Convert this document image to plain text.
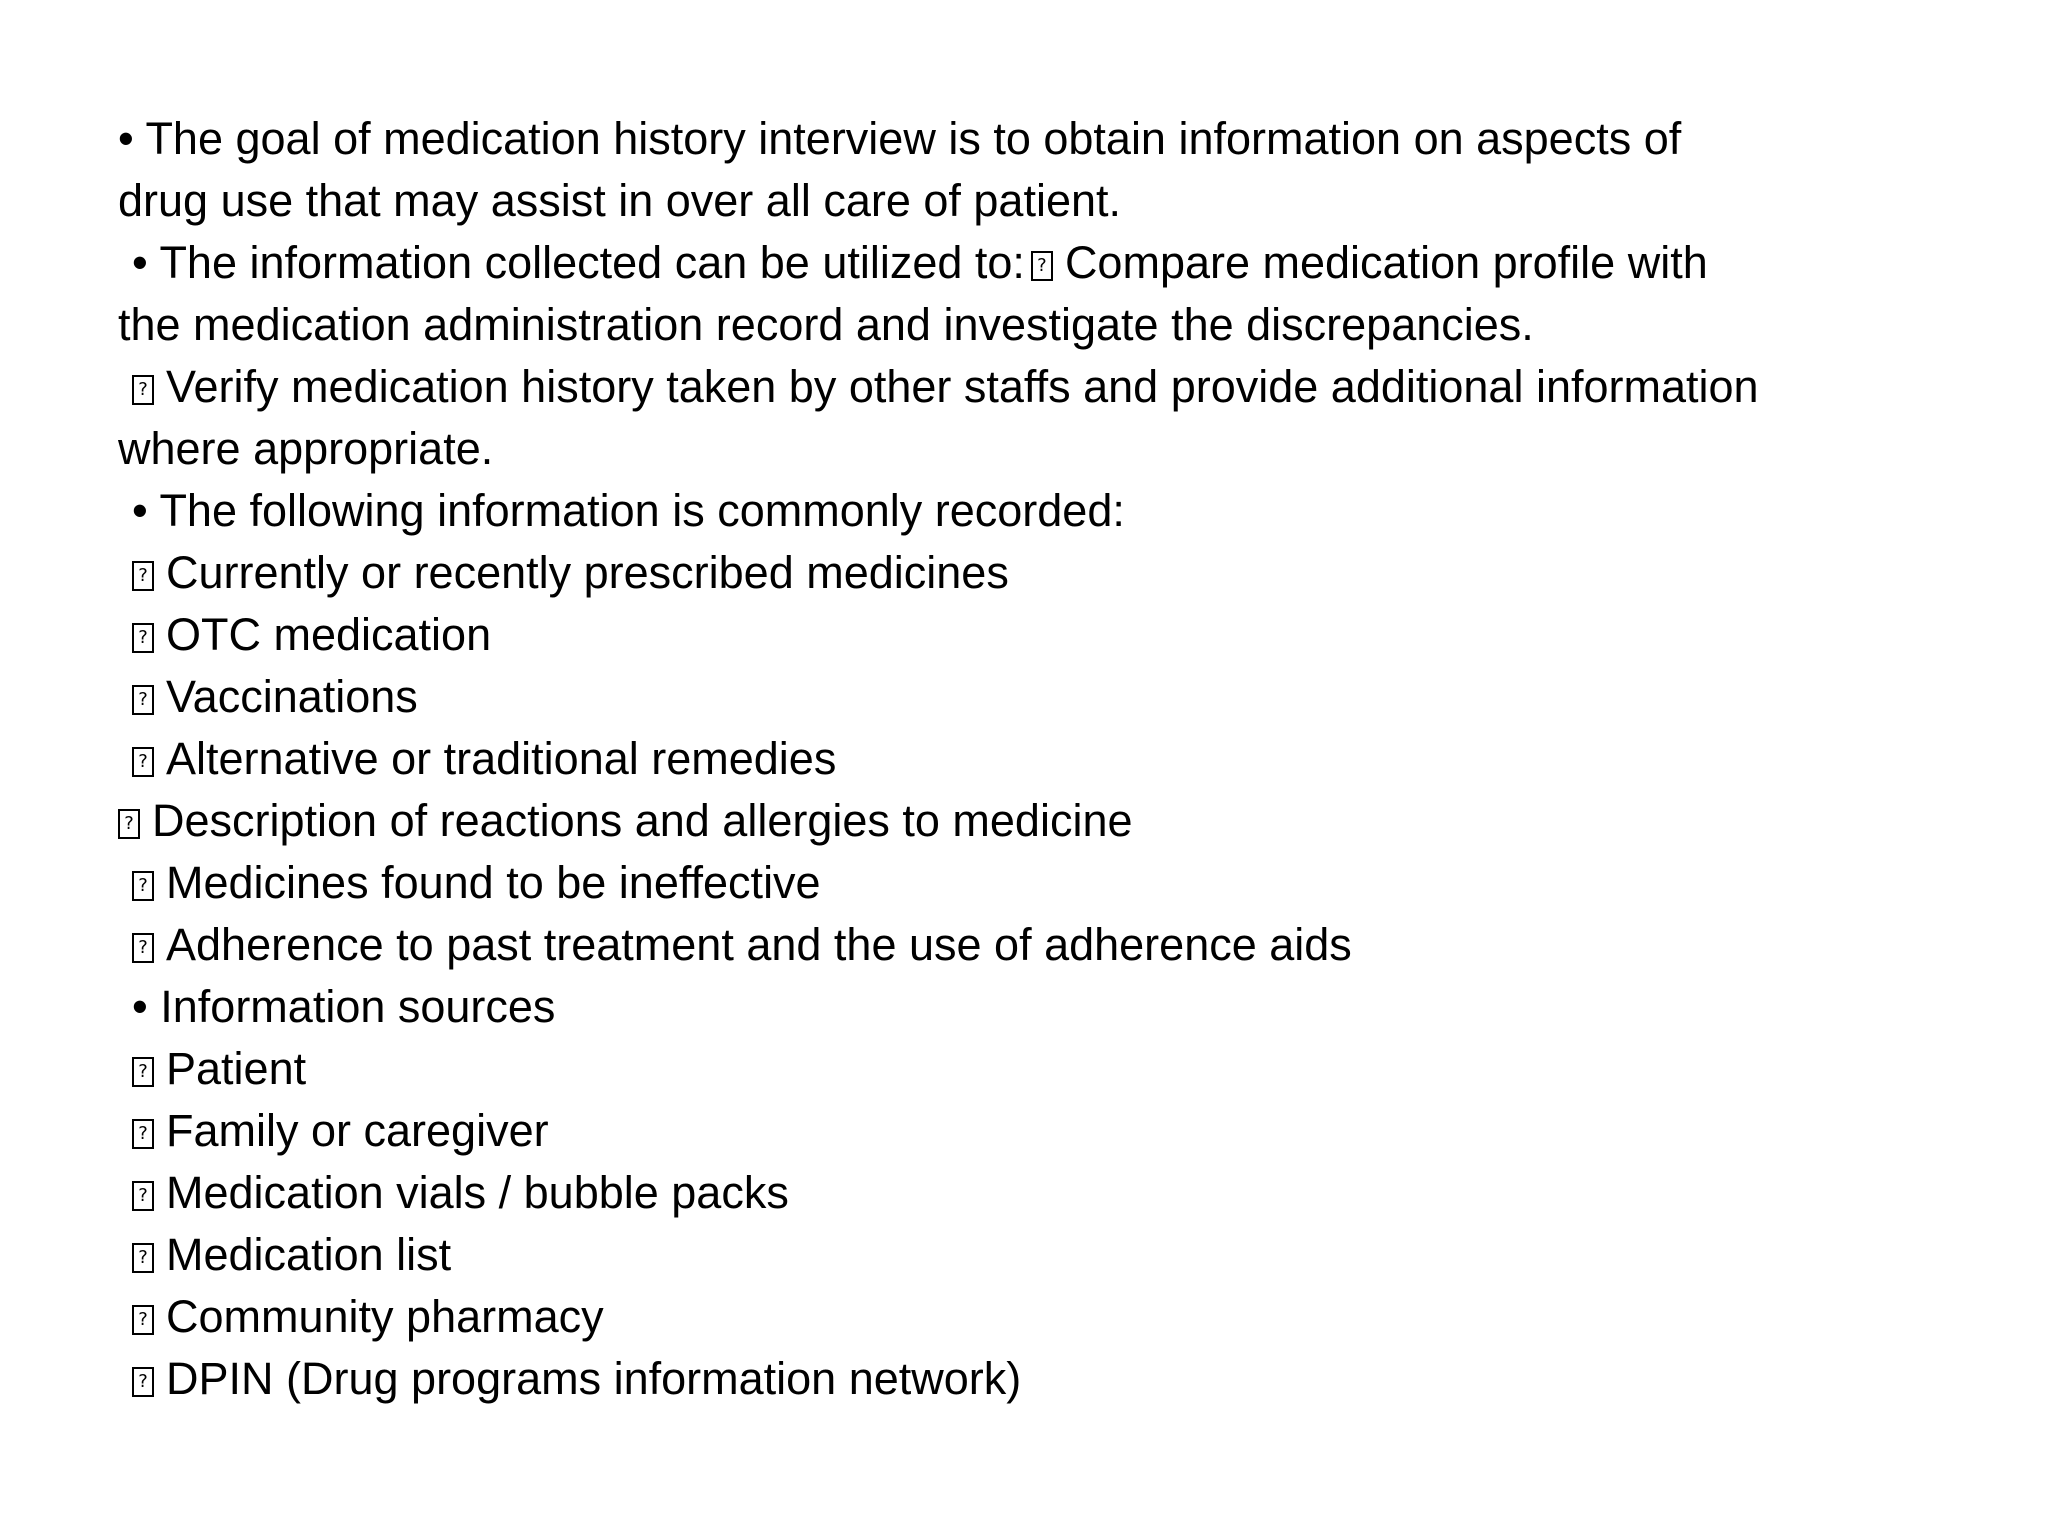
• The goal of medication history interview is to obtain information on aspects of
drug use that may assist in over all care of patient.
• The information collected can be utilized to:? Compare medication profile with
the medication administration record and investigate the discrepancies.
?Verify medication history taken by other staffs and provide additional information
where appropriate.
• The following information is commonly recorded:
?Currently or recently prescribed medicines
?OTC medication
?Vaccinations
?Alternative or traditional remedies
?Description of reactions and allergies to medicine
?Medicines found to be ineffective
?Adherence to past treatment and the use of adherence aids
• Information sources
?Patient
?Family or caregiver
?Medication vials / bubble packs
?Medication list
?Community pharmacy
?DPIN (Drug programs information network)
